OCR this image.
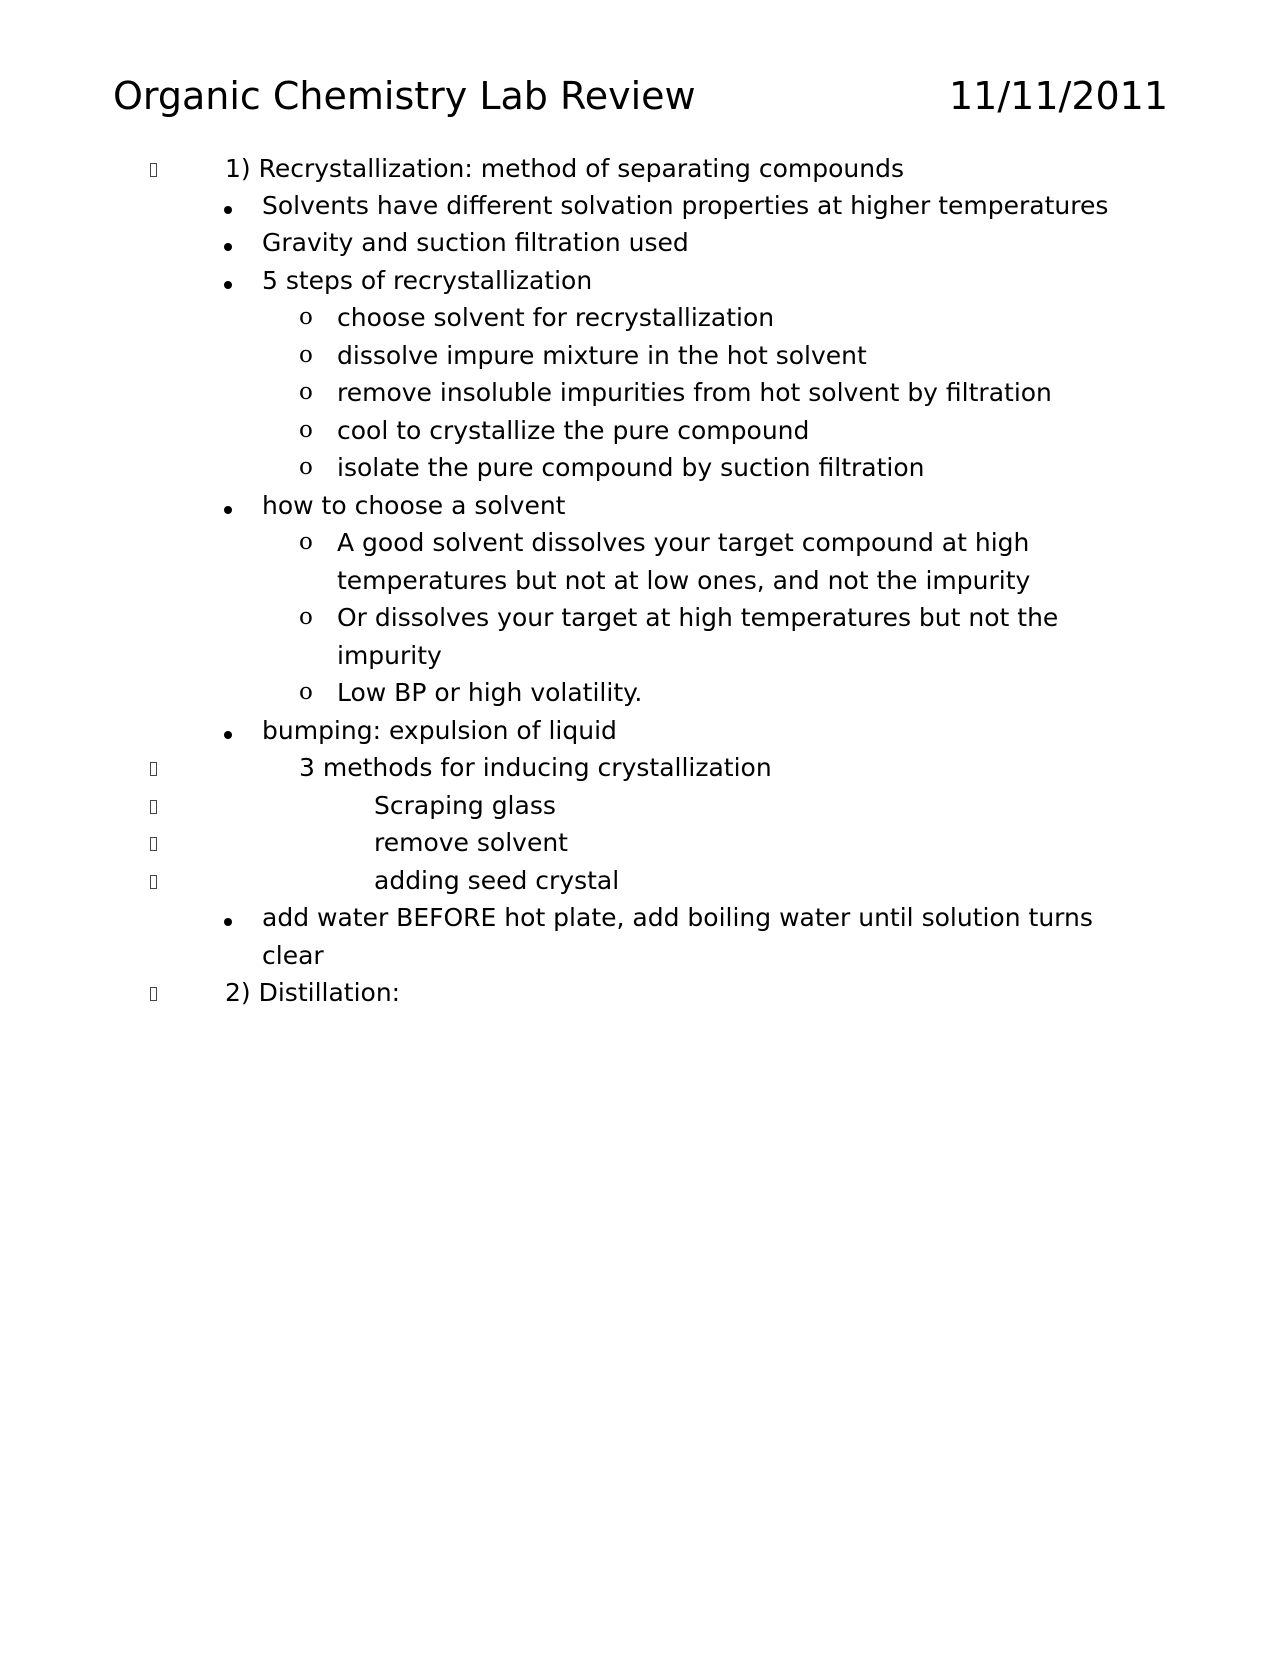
Organic Chemistry Lab Review	11/11/2011
1) Recrystallization: method of separating compounds
Solvents have different solvation properties at higher temperatures
Gravity and suction filtration used
5 steps of recrystallization
o choose solvent for recrystallization
o dissolve impure mixture in the hot solvent
o remove insoluble impurities from hot solvent by filtration
o cool to crystallize the pure compound
o isolate the pure compound by suction filtration
how to choose a solvent
o A good solvent dissolves your target compound at high
temperatures but not at low ones, and not the impurity
o Or dissolves your target at high temperatures but not the
impurity
o Low BP or high volatility.
bumping: expulsion of liquid
3 methods for inducing crystallization
Scraping glass
remove solvent
adding seed crystal
add water BEFORE hot plate, add boiling water until solution turns
clear
2) Distillation:
